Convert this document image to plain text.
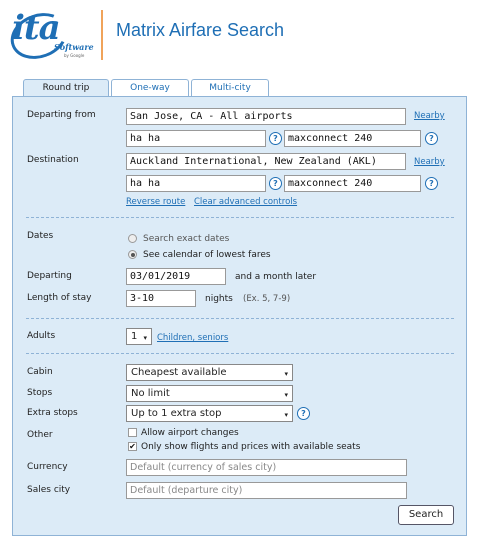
ita
Software
by Google
Matrix Airfare Search
Round trip	One-way	Multi-city
Departing from	San Jose, CA - All airports	Nearby
ha ha	?	maxconnect 240	?
Destination	Auckland International, New Zealand (AKL)	Nearby
ha ha	?	maxconnect 240	?
Reverse route Clear advanced controls
Dates	Search exact dates
See calendar of lowest fares
Departing	03/01/2019	and a month later
Length of stay	3-10	nights (Ex. 5, 7-9)
Adults	1 ▾ Children, seniors
Cabin	Cheapest available	▾
Stops	No limit	▾
Extra stops	Up to 1 extra stop	▾	?
Other	Allow airport changes
✔ Only show flights and prices with available seats
Currency	Default (currency of sales city)
Sales city	Default (departure city)
Search
